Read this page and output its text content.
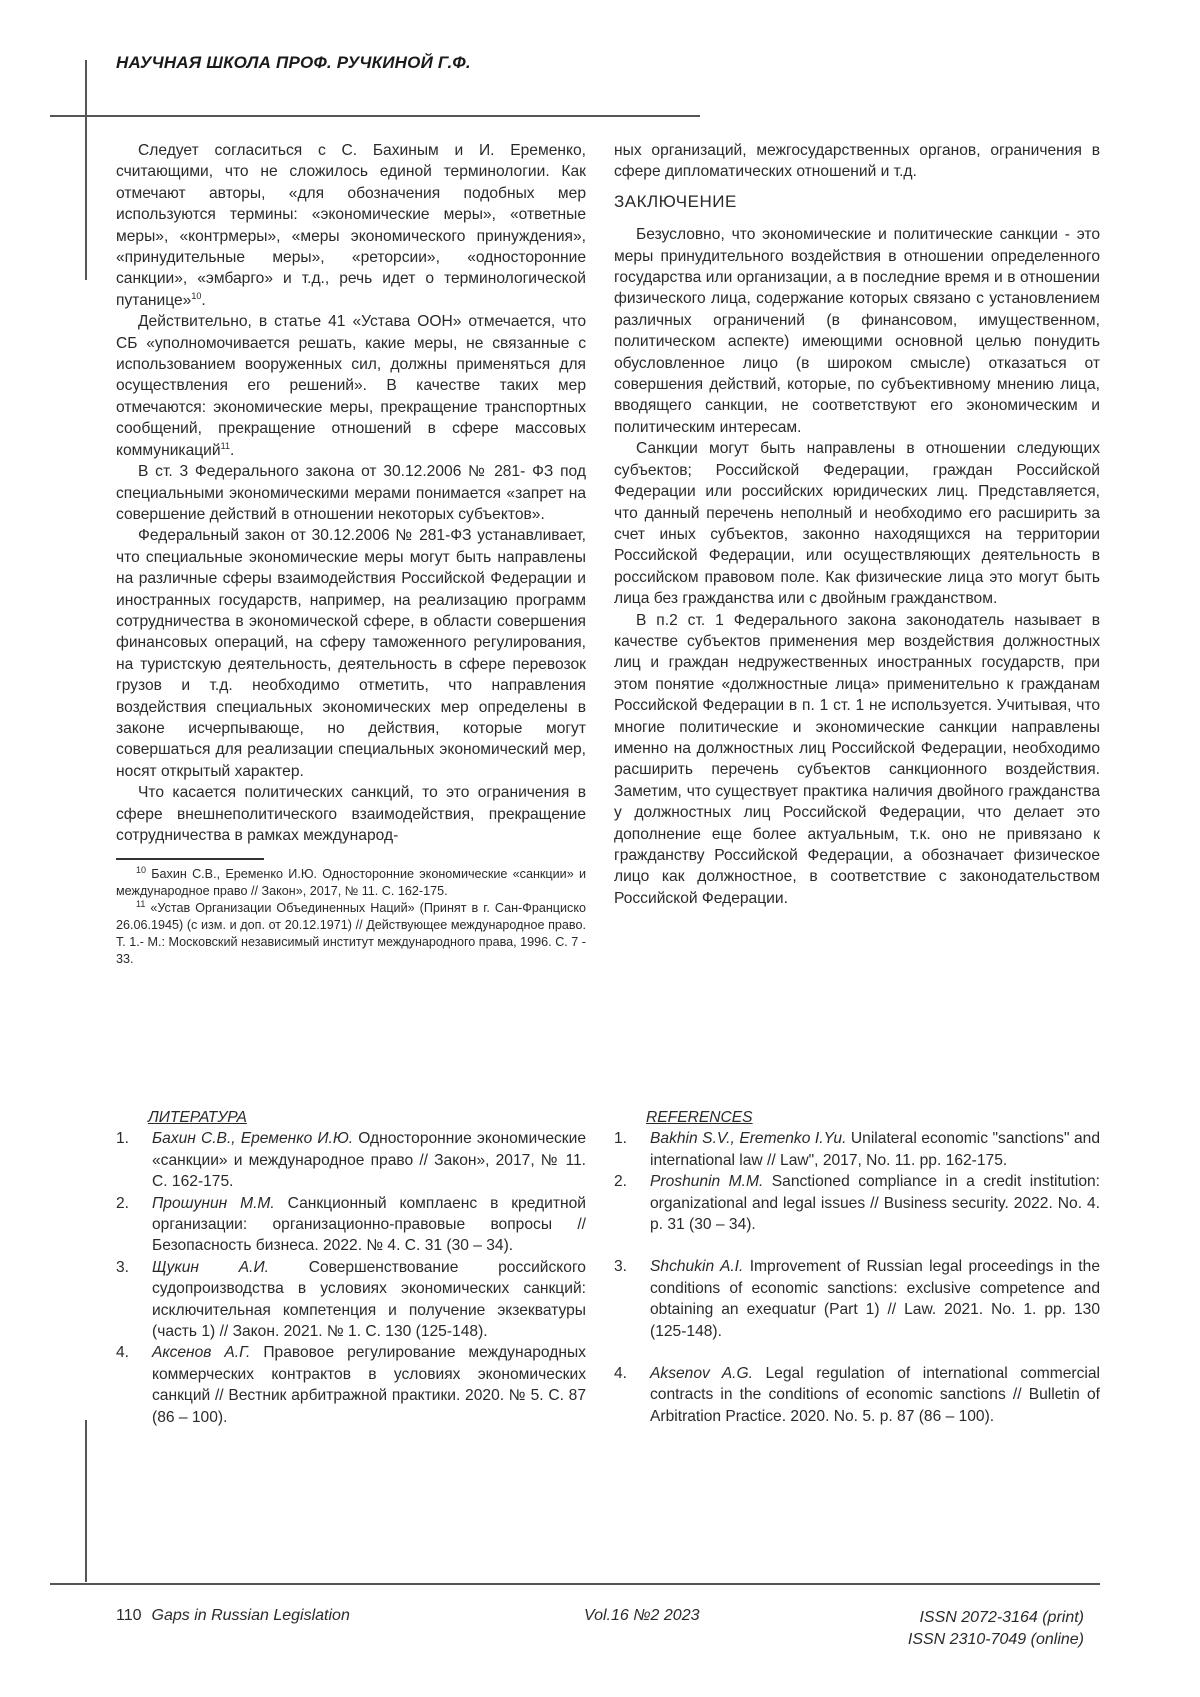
НАУЧНАЯ ШКОЛА ПРОФ. РУЧКИНОЙ Г.Ф.

Следует согласиться с С. Бахиным и И. Еременко, считающими, что не сложилось единой терминологии. Как отмечают авторы, «для обозначения подобных мер используются термины: «экономические меры», «ответные меры», «контрмеры», «меры экономического принуждения», «принудительные меры», «реторсии», «односторонние санкции», «эмбарго» и т.д., речь идет о терминологической путанице»$^{10}$.

Действительно, в статье 41 «Устава ООН» отмечается, что СБ «уполномочивается решать, какие меры, не связанные с использованием вооруженных сил, должны применяться для осуществления его решений». В качестве таких мер отмечаются: экономические меры, прекращение транспортных сообщений, прекращение отношений в сфере массовых коммуникаций$^{11}$.

В ст. 3 Федерального закона от 30.12.2006 № 281- ФЗ под специальными экономическими мерами понимается «запрет на совершение действий в отношении некоторых субъектов».

Федеральный закон от 30.12.2006 № 281-ФЗ устанавливает, что специальные экономические меры могут быть направлены на различные сферы взаимодействия Российской Федерации и иностранных государств, например, на реализацию программ сотрудничества в экономической сфере, в области совершения финансовых операций, на сферу таможенного регулирования, на туристскую деятельность, деятельность в сфере перевозок грузов и т.д. необходимо отметить, что направления воздействия специальных экономических мер определены в законе исчерпывающе, но действия, которые могут совершаться для реализации специальных экономический мер, носят открытый характер.

Что касается политических санкций, то это ограничения в сфере внешнеполитического взаимодействия, прекращение сотрудничества в рамках международ-

$^{10}$ Бахин С.В., Еременко И.Ю. Односторонние экономические «санкции» и международное право // Закон», 2017, № 11. С. 162-175.

$^{11}$ «Устав Организации Объединенных Наций» (Принят в г. Сан-Франциско 26.06.1945) (с изм. и доп. от 20.12.1971) // Действующее международное право. Т. 1.- М.: Московский независимый институт международного права, 1996. С. 7 - 33.

ных организаций, межгосударственных органов, ограничения в сфере дипломатических отношений и т.д.

ЗАКЛЮЧЕНИЕ

Безусловно, что экономические и политические санкции - это меры принудительного воздействия в отношении определенного государства или организации, а в последние время и в отношении физического лица, содержание которых связано с установлением различных ограничений (в финансовом, имущественном, политическом аспекте) имеющими основной целью понудить обусловленное лицо (в широком смысле) отказаться от совершения действий, которые, по субъективному мнению лица, вводящего санкции, не соответствуют его экономическим и политическим интересам.

Санкции могут быть направлены в отношении следующих субъектов; Российской Федерации, граждан Российской Федерации или российских юридических лиц. Представляется, что данный перечень неполный и необходимо его расширить за счет иных субъектов, законно находящихся на территории Российской Федерации, или осуществляющих деятельность в российском правовом поле. Как физические лица это могут быть лица без гражданства или с двойным гражданством.

В п.2 ст. 1 Федерального закона законодатель называет в качестве субъектов применения мер воздействия должностных лиц и граждан недружественных иностранных государств, при этом понятие «должностные лица» применительно к гражданам Российской Федерации в п. 1 ст. 1 не используется. Учитывая, что многие политические и экономические санкции направлены именно на должностных лиц Российской Федерации, необходимо расширить перечень субъектов санкционного воздействия. Заметим, что существует практика наличия двойного гражданства у должностных лиц Российской Федерации, что делает это дополнение еще более актуальным, т.к. оно не привязано к гражданству Российской Федерации, а обозначает физическое лицо как должностное, в соответствие с законодательством Российской Федерации.

ЛИТЕРАТУРА
1.	Бахин С.В., Еременко И.Ю. Односторонние экономические «санкции» и международное право // Закон», 2017, № 11. С. 162-175.
2.	Прошунин М.М. Санкционный комплаенс в кредитной организации: организационно-правовые вопросы // Безопасность бизнеса. 2022. № 4. С. 31 (30 – 34).
3.	Щукин А.И. Совершенствование российского судопроизводства в условиях экономических санкций: исключительная компетенция и получение экзекватуры (часть 1) // Закон. 2021. № 1. С. 130 (125-148).
4.	Аксенов А.Г. Правовое регулирование международных коммерческих контрактов в условиях экономических санкций // Вестник арбитражной практики. 2020. № 5. С. 87 (86 – 100).
REFERENCES
1.	Bakhin S.V., Eremenko I.Yu. Unilateral economic "sanctions" and international law // Law", 2017, No. 11. pp. 162-175.
2.	Proshunin M.M. Sanctioned compliance in a credit institution: organizational and legal issues // Business security. 2022. No. 4. p. 31 (30 – 34).
3.	Shchukin A.I. Improvement of Russian legal proceedings in the conditions of economic sanctions: exclusive competence and obtaining an exequatur (Part 1) // Law. 2021. No. 1. pp. 130 (125-148).
4.	Aksenov A.G. Legal regulation of international commercial contracts in the conditions of economic sanctions // Bulletin of Arbitration Practice. 2020. No. 5. p. 87 (86 – 100).
110 Gaps in Russian Legislation	Vol.16 №2 2023	ISSN 2072-3164 (print)
ISSN 2310-7049 (online)
